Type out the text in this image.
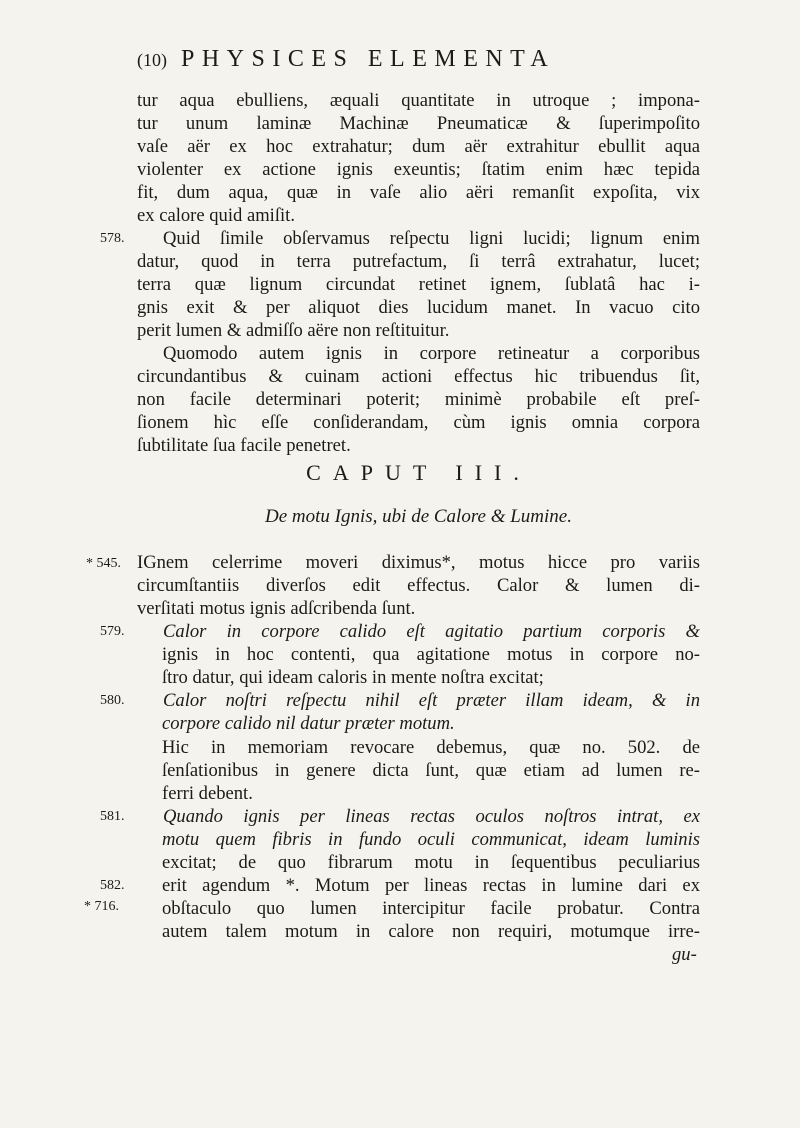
(10) PHYSICES ELEMENTA
tur aqua ebulliens, æquali quantitate in utroque ; impona-
tur unum laminæ Machinæ Pneumaticæ & ſuperimpoſito
vaſe aër ex hoc extrahatur; dum aër extrahitur ebullit aqua
violenter ex actione ignis exeuntis; ſtatim enim hæc tepida
fit, dum aqua, quæ in vaſe alio aëri remanſit expoſita, vix
ex calore quid amiſit.
Quid ſimile obſervamus reſpectu ligni lucidi; lignum enim
datur, quod in terra putrefactum, ſi terrâ extrahatur, lucet;
terra quæ lignum circundat retinet ignem, ſublatâ hac i-
gnis exit & per aliquot dies lucidum manet. In vacuo cito
perit lumen & admiſſo aëre non reſtituitur.
Quomodo autem ignis in corpore retineatur a corporibus
circundantibus & cuinam actioni effectus hic tribuendus ſit,
non facile determinari poterit; minimè probabile eſt preſ-
ſionem hìc eſſe conſiderandam, cùm ignis omnia corpora
ſubtilitate ſua facile penetret.
CAPUT III.
De motu Ignis, ubi de Calore & Lumine.
IGnem celerrime moveri diximus*, motus hicce pro variis
circumſtantiis diverſos edit effectus. Calor & lumen di-
verſitati motus ignis adſcribenda ſunt.
Calor in corpore calido eſt agitatio partium corporis &
ignis in hoc contenti, qua agitatione motus in corpore no-
ſtro datur, qui ideam caloris in mente noſtra excitat;
Calor noſtri reſpectu nihil eſt præter illam ideam, & in
corpore calido nil datur præter motum.
Hic in memoriam revocare debemus, quæ no. 502. de
ſenſationibus in genere dicta ſunt, quæ etiam ad lumen re-
ferri debent.
Quando ignis per lineas rectas oculos noſtros intrat, ex
motu quem fibris in fundo oculi communicat, ideam luminis
excitat; de quo fibrarum motu in ſequentibus peculiarius
erit agendum *. Motum per lineas rectas in lumine dari ex
obſtaculo quo lumen intercipitur facile probatur. Contra
autem talem motum in calore non requiri, motumque irre-
gu-
578.
* 545.
579.
580.
581.
582.
* 716.
